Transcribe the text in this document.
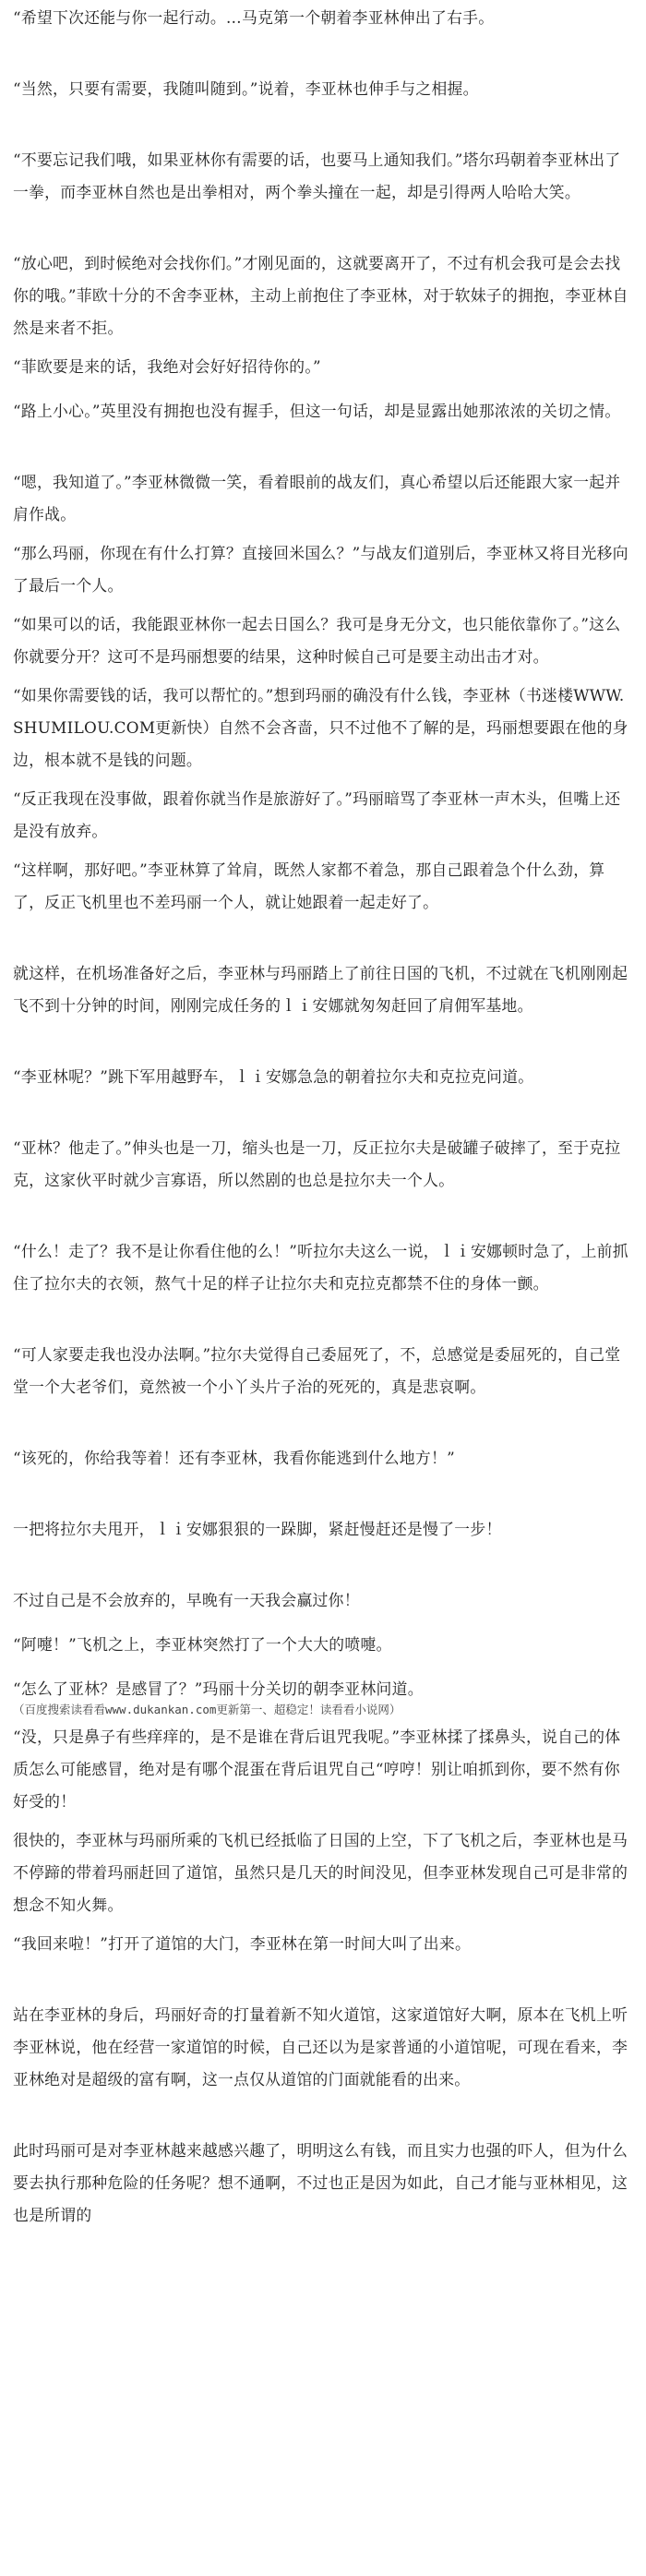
“希望下次还能与你一起行动。…马克第一个朝着李亚林伸出了右手。

“当然，只要有需要，我随叫随到。”说着，李亚林也伸手与之相握。

“不要忘记我们哦，如果亚林你有需要的话，也要马上通知我们。”塔尔玛朝着李亚林出了一拳，而李亚林自然也是出拳相对，两个拳头撞在一起，却是引得两人哈哈大笑。

“放心吧，到时候绝对会找你们。”才刚见面的，这就要离开了，不过有机会我可是会去找你的哦。”菲欧十分的不舍李亚林，主动上前抱住了李亚林，对于软妹子的拥抱，李亚林自然是来者不拒。

“菲欧要是来的话，我绝对会好好招待你的。”

“路上小心。”英里没有拥抱也没有握手，但这一句话，却是显露出她那浓浓的关切之情。

“嗯，我知道了。”李亚林微微一笑，看着眼前的战友们，真心希望以后还能跟大家一起并肩作战。

“那么玛丽，你现在有什么打算？直接回米国么？”与战友们道别后，李亚林又将目光移向了最后一个人。

“如果可以的话，我能跟亚林你一起去日国么？我可是身无分文，也只能依靠你了。”这么你就要分开？这可不是玛丽想要的结果，这种时候自己可是要主动出击才对。

“如果你需要钱的话，我可以帮忙的。”想到玛丽的确没有什么钱，李亚林（书迷楼WWW.SHUMILOU.COM更新快）自然不会吝啬，只不过他不了解的是，玛丽想要跟在他的身边，根本就不是钱的问题。

“反正我现在没事做，跟着你就当作是旅游好了。”玛丽暗骂了李亚林一声木头，但嘴上还是没有放弃。

“这样啊，那好吧。”李亚林算了耸肩，既然人家都不着急，那自己跟着急个什么劲，算了，反正飞机里也不差玛丽一个人，就让她跟着一起走好了。

就这样，在机场准备好之后，李亚林与玛丽踏上了前往日国的飞机，不过就在飞机刚刚起飞不到十分钟的时间，刚刚完成任务的ｌｉ安娜就匆匆赶回了肩佣军基地。

“李亚林呢？”跳下军用越野车，ｌｉ安娜急急的朝着拉尔夫和克拉克问道。

“亚林？他走了。”伸头也是一刀，缩头也是一刀，反正拉尔夫是破罐子破摔了，至于克拉克，这家伙平时就少言寡语，所以然剧的也总是拉尔夫一个人。

“什么！走了？我不是让你看住他的么！”听拉尔夫这么一说，ｌｉ安娜顿时急了，上前抓住了拉尔夫的衣领，熬气十足的样子让拉尔夫和克拉克都禁不住的身体一颤。

“可人家要走我也没办法啊。”拉尔夫觉得自己委屈死了，不，总感觉是委屈死的，自己堂堂一个大老爷们，竟然被一个小丫头片子治的死死的，真是悲哀啊。

“该死的，你给我等着！还有李亚林，我看你能逃到什么地方！”

一把将拉尔夫甩开，ｌｉ安娜狠狠的一跺脚，紧赶慢赶还是慢了一步！

不过自己是不会放弃的，早晚有一天我会赢过你！

“阿嚏！”飞机之上，李亚林突然打了一个大大的喷嚏。

“怎么了亚林？是感冒了？”玛丽十分关切的朝李亚林问道。

（百度搜索读看看www.dukankan.com更新第一、超稳定！读看看小说网）

“没，只是鼻子有些痒痒的，是不是谁在背后诅咒我呢。”李亚林揉了揉鼻头，说自己的体质怎么可能感冒，绝对是有哪个混蛋在背后诅咒自己“哼哼！别让咱抓到你，要不然有你好受的！

很快的，李亚林与玛丽所乘的飞机已经抵临了日国的上空，下了飞机之后，李亚林也是马不停蹄的带着玛丽赶回了道馆，虽然只是几天的时间没见，但李亚林发现自己可是非常的想念不知火舞。

“我回来啦！”打开了道馆的大门，李亚林在第一时间大叫了出来。

站在李亚林的身后，玛丽好奇的打量着新不知火道馆，这家道馆好大啊，原本在飞机上听李亚林说，他在经营一家道馆的时候，自己还以为是家普通的小道馆呢，可现在看来，李亚林绝对是超级的富有啊，这一点仅从道馆的门面就能看的出来。

此时玛丽可是对李亚林越来越感兴趣了，明明这么有钱，而且实力也强的吓人，但为什么要去执行那种危险的任务呢？想不通啊，不过也正是因为如此，自己才能与亚林相见，这也是所谓的
